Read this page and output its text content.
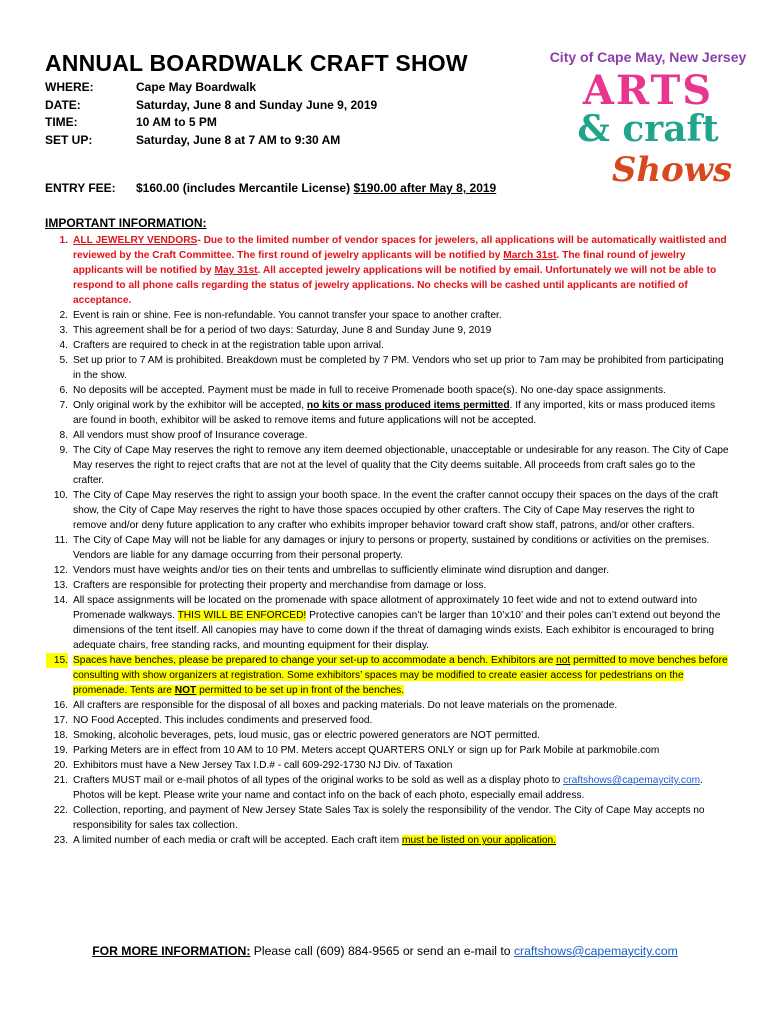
ANNUAL BOARDWALK CRAFT SHOW
WHERE:	Cape May Boardwalk
DATE:	Saturday, June 8 and Sunday June 9, 2019
TIME:	10 AM to 5 PM
SET UP:	Saturday, June 8 at 7 AM to 9:30 AM
ENTRY FEE:	$160.00 (includes Mercantile License)
$190.00 after May 8, 2019
City of Cape May, New Jersey
ARTS
& craft
Shows
IMPORTANT INFORMATION:
1. ALL JEWELRY VENDORS- Due to the limited number of vendor spaces for jewelers, all applications will be automatically waitlisted and reviewed by the Craft Committee. The first round of jewelry applicants will be notified by March 31st. The final round of jewelry applicants will be notified by May 31st. All accepted jewelry applications will be notified by email. Unfortunately we will not be able to respond to all phone calls regarding the status of jewelry applications. No checks will be cashed until applicants are notified of acceptance.
2. Event is rain or shine. Fee is non-refundable. You cannot transfer your space to another crafter.
3. This agreement shall be for a period of two days: Saturday, June 8 and Sunday June 9, 2019
4. Crafters are required to check in at the registration table upon arrival.
5. Set up prior to 7 AM is prohibited. Breakdown must be completed by 7 PM. Vendors who set up prior to 7am may be prohibited from participating in the show.
6. No deposits will be accepted. Payment must be made in full to receive Promenade booth space(s). No one-day space assignments.
7. Only original work by the exhibitor will be accepted, no kits or mass produced items permitted. If any imported, kits or mass produced items are found in booth, exhibitor will be asked to remove items and future applications will not be accepted.
8. All vendors must show proof of Insurance coverage.
9. The City of Cape May reserves the right to remove any item deemed objectionable, unacceptable or undesirable for any reason. The City of Cape May reserves the right to reject crafts that are not at the level of quality that the City deems suitable. All proceeds from craft sales go to the crafter.
10. The City of Cape May reserves the right to assign your booth space. In the event the crafter cannot occupy their spaces on the days of the craft show, the City of Cape May reserves the right to have those spaces occupied by other crafters. The City of Cape May reserves the right to remove and/or deny future application to any crafter who exhibits improper behavior toward craft show staff, patrons, and/or other crafters.
11. The City of Cape May will not be liable for any damages or injury to persons or property, sustained by conditions or activities on the premises. Vendors are liable for any damage occurring from their personal property.
12. Vendors must have weights and/or ties on their tents and umbrellas to sufficiently eliminate wind disruption and danger.
13. Crafters are responsible for protecting their property and merchandise from damage or loss.
14. All space assignments will be located on the promenade with space allotment of approximately 10 feet wide and not to extend outward into Promenade walkways. THIS WILL BE ENFORCED! Protective canopies can’t be larger than 10’x10’ and their poles can’t extend out beyond the dimensions of the tent itself. All canopies may have to come down if the threat of damaging winds exists. Each exhibitor is encouraged to bring adequate chairs, free standing racks, and mounting equipment for their display.
15. Spaces have benches, please be prepared to change your set-up to accommodate a bench. Exhibitors are not permitted to move benches before consulting with show organizers at registration. Some exhibitors’ spaces may be modified to create easier access for pedestrians on the promenade. Tents are NOT permitted to be set up in front of the benches.
16. All crafters are responsible for the disposal of all boxes and packing materials. Do not leave materials on the promenade.
17. NO Food Accepted. This includes condiments and preserved food.
18. Smoking, alcoholic beverages, pets, loud music, gas or electric powered generators are NOT permitted.
19. Parking Meters are in effect from 10 AM to 10 PM. Meters accept QUARTERS ONLY or sign up for Park Mobile at parkmobile.com
20. Exhibitors must have a New Jersey Tax I.D.# - call 609-292-1730 NJ Div. of Taxation
21. Crafters MUST mail or e-mail photos of all types of the original works to be sold as well as a display photo to craftshows@capemaycity.com. Photos will be kept. Please write your name and contact info on the back of each photo, especially email address.
22. Collection, reporting, and payment of New Jersey State Sales Tax is solely the responsibility of the vendor. The City of Cape May accepts no responsibility for sales tax collection.
23. A limited number of each media or craft will be accepted. Each craft item must be listed on your application.
FOR MORE INFORMATION: Please call (609) 884-9565 or send an e-mail to craftshows@capemaycity.com
